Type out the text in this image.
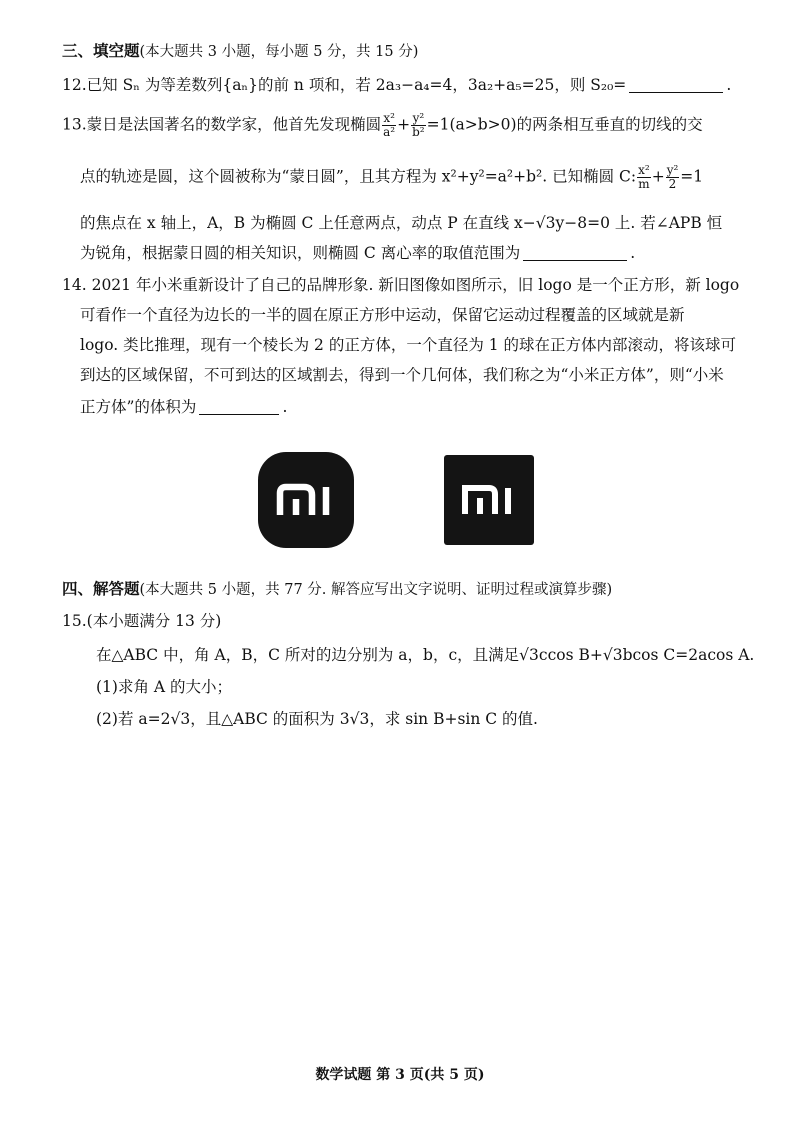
三、填空题(本大题共 3 小题，每小题 5 分，共 15 分)
12.已知 Sₙ 为等差数列{aₙ}的前 n 项和，若 2a₃−a₄=4，3a₂+a₅=25，则 S₂₀=	.
13.蒙日是法国著名的数学家，他首先发现椭圆 $\frac{\text{x²}}{\text{a²}} + \frac{\text{y²}}{\text{b²}} =1(a>b>0)$的两条相互垂直的切线的交
点的轨迹是圆，这个圆被称为“蒙日圆”，且其方程为 x²+y²=a²+b². 已知椭圆 C: $\frac{\text{x²}}{m} + \frac{\text{y²}}{2} =1$
的焦点在 x 轴上，A，B 为椭圆 C 上任意两点，动点 P 在直线 x−√3y−8=0 上. 若∠APB 恒
为锐角，根据蒙日圆的相关知识，则椭圆 C 离心率的取值范围为	.
14. 2021 年小米重新设计了自己的品牌形象. 新旧图像如图所示，旧 logo 是一个正方形，新 logo
可看作一个直径为边长的一半的圆在原正方形中运动，保留它运动过程覆盖的区域就是新
logo. 类比推理，现有一个棱长为 2 的正方体，一个直径为 1 的球在正方体内部滚动，将该球可
到达的区域保留，不可到达的区域割去，得到一个几何体，我们称之为“小米正方体”，则“小米
正方体”的体积为	.
四、解答题(本大题共 5 小题，共 77 分. 解答应写出文字说明、证明过程或演算步骤)
15.(本小题满分 13 分)
在△ABC 中，角 A，B，C 所对的边分别为 a，b，c，且满足√3ccos B+√3bcos C=2acos A.
(1)求角 A 的大小；
(2)若 a=2√3，且△ABC 的面积为 3√3，求 sin B+sin C 的值.
数学试题 第 3 页(共 5 页)
